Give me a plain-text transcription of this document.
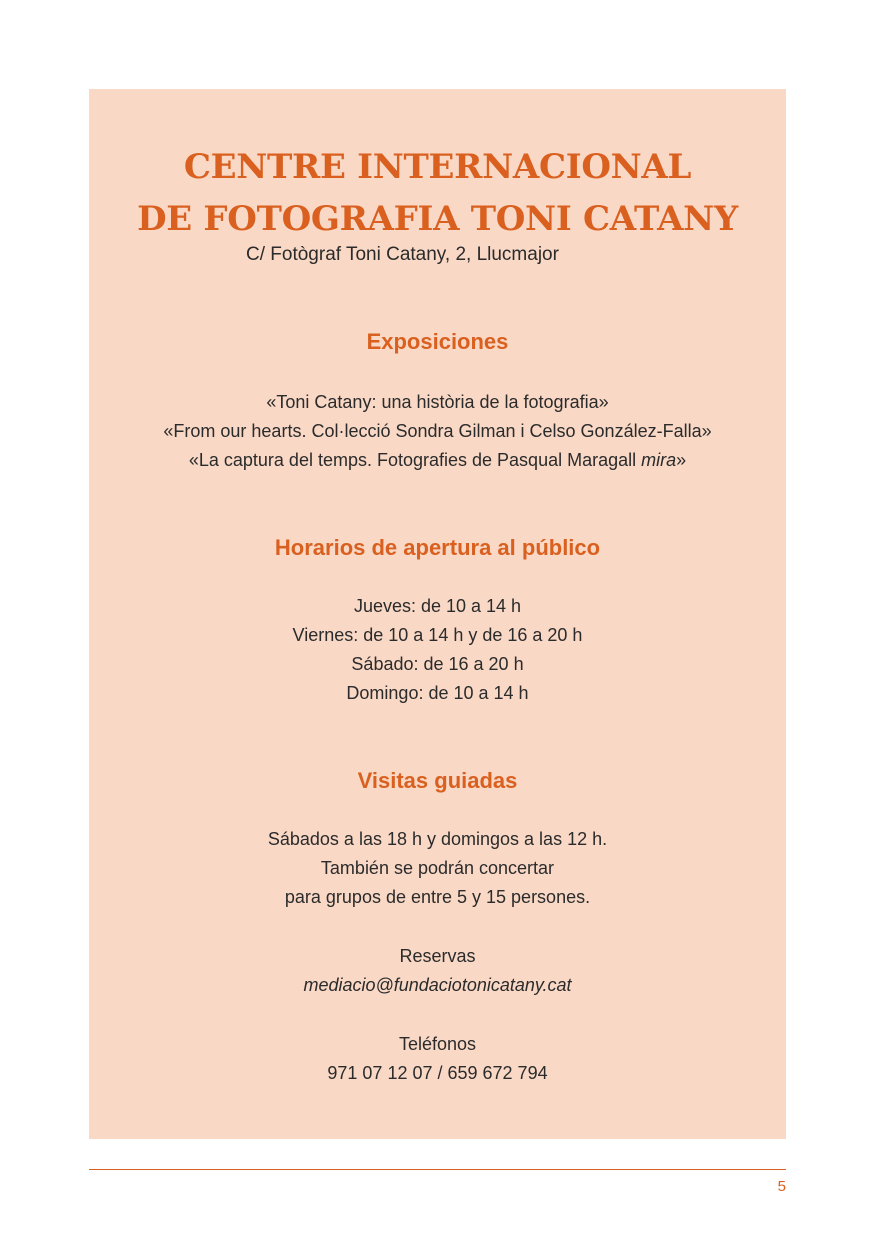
CENTRE INTERNACIONAL
DE FOTOGRAFIA TONI CATANY
C/ Fotògraf Toni Catany, 2, Llucmajor
Exposiciones
«Toni Catany: una història de la fotografia»
«From our hearts. Col·lecció Sondra Gilman i Celso González-Falla»
«La captura del temps. Fotografies de Pasqual Maragall mira»
Horarios de apertura al público
Jueves: de 10 a 14 h
Viernes: de 10 a 14 h y de 16 a 20 h
Sábado: de 16 a 20 h
Domingo: de 10 a 14 h
Visitas guiadas
Sábados a las 18 h y domingos a las 12 h.
También se podrán concertar
para grupos de entre 5 y 15 persones.
Reservas
mediacio@fundaciotonicatany.cat
Teléfonos
971 07 12 07 / 659 672 794
5
